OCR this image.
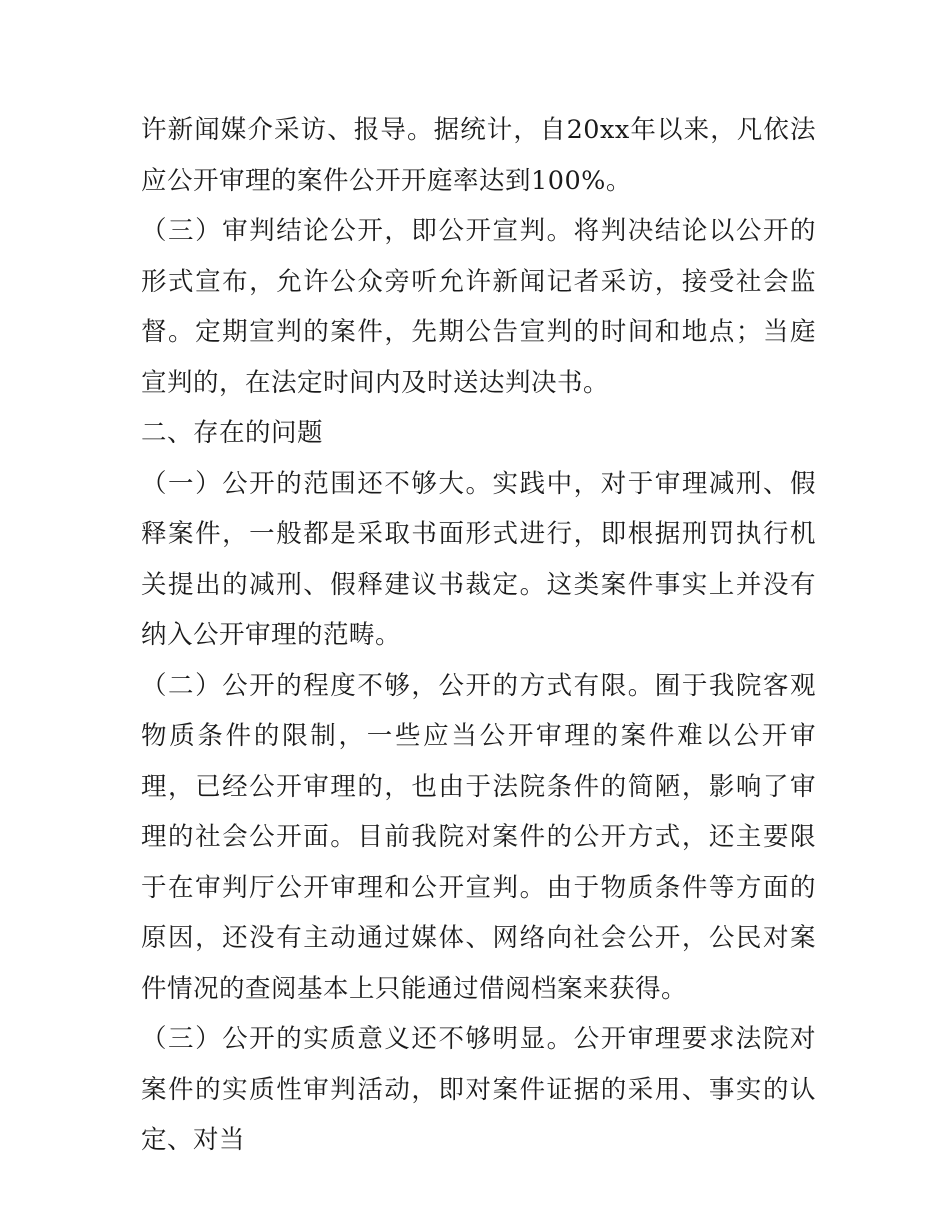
许新闻媒介采访、报导。据统计，自20xx年以来，凡依法应公开审理的案件公开开庭率达到100%。

（三）审判结论公开，即公开宣判。将判决结论以公开的形式宣布，允许公众旁听允许新闻记者采访，接受社会监督。定期宣判的案件，先期公告宣判的时间和地点；当庭宣判的，在法定时间内及时送达判决书。

二、存在的问题

（一）公开的范围还不够大。实践中，对于审理减刑、假释案件，一般都是采取书面形式进行，即根据刑罚执行机关提出的减刑、假释建议书裁定。这类案件事实上并没有纳入公开审理的范畴。

（二）公开的程度不够，公开的方式有限。囿于我院客观物质条件的限制，一些应当公开审理的案件难以公开审理，已经公开审理的，也由于法院条件的简陋，影响了审理的社会公开面。目前我院对案件的公开方式，还主要限于在审判厅公开审理和公开宣判。由于物质条件等方面的原因，还没有主动通过媒体、网络向社会公开，公民对案件情况的查阅基本上只能通过借阅档案来获得。

（三）公开的实质意义还不够明显。公开审理要求法院对案件的实质性审判活动，即对案件证据的采用、事实的认定、对当
